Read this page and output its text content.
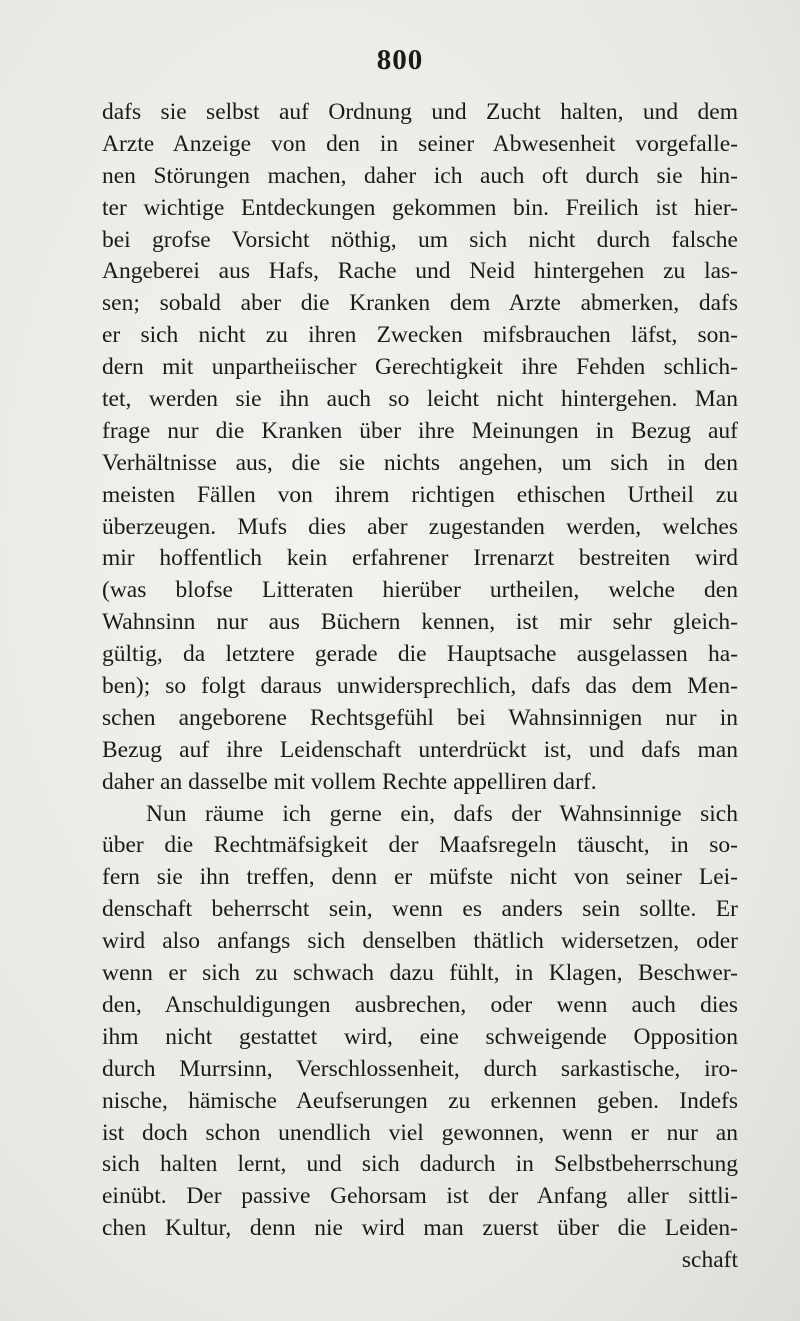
800
dafs sie selbst auf Ordnung und Zucht halten, und dem
Arzte Anzeige von den in seiner Abwesenheit vorgefalle-
nen Störungen machen, daher ich auch oft durch sie hin-
ter wichtige Entdeckungen gekommen bin. Freilich ist hier-
bei grofse Vorsicht nöthig, um sich nicht durch falsche
Angeberei aus Hafs, Rache und Neid hintergehen zu las-
sen; sobald aber die Kranken dem Arzte abmerken, dafs
er sich nicht zu ihren Zwecken mifsbrauchen läfst, son-
dern mit unpartheiischer Gerechtigkeit ihre Fehden schlich-
tet, werden sie ihn auch so leicht nicht hintergehen. Man
frage nur die Kranken über ihre Meinungen in Bezug auf
Verhältnisse aus, die sie nichts angehen, um sich in den
meisten Fällen von ihrem richtigen ethischen Urtheil zu
überzeugen. Mufs dies aber zugestanden werden, welches
mir hoffentlich kein erfahrener Irrenarzt bestreiten wird
(was blofse Litteraten hierüber urtheilen, welche den
Wahnsinn nur aus Büchern kennen, ist mir sehr gleich-
gültig, da letztere gerade die Hauptsache ausgelassen ha-
ben); so folgt daraus unwidersprechlich, dafs das dem Men-
schen angeborene Rechtsgefühl bei Wahnsinnigen nur in
Bezug auf ihre Leidenschaft unterdrückt ist, und dafs man
daher an dasselbe mit vollem Rechte appelliren darf.
Nun räume ich gerne ein, dafs der Wahnsinnige sich
über die Rechtmäfsigkeit der Maafsregeln täuscht, in so-
fern sie ihn treffen, denn er müfste nicht von seiner Lei-
denschaft beherrscht sein, wenn es anders sein sollte. Er
wird also anfangs sich denselben thätlich widersetzen, oder
wenn er sich zu schwach dazu fühlt, in Klagen, Beschwer-
den, Anschuldigungen ausbrechen, oder wenn auch dies
ihm nicht gestattet wird, eine schweigende Opposition
durch Murrsinn, Verschlossenheit, durch sarkastische, iro-
nische, hämische Aeufserungen zu erkennen geben. Indefs
ist doch schon unendlich viel gewonnen, wenn er nur an
sich halten lernt, und sich dadurch in Selbstbeherrschung
einübt. Der passive Gehorsam ist der Anfang aller sittli-
chen Kultur, denn nie wird man zuerst über die Leiden-
schaft
